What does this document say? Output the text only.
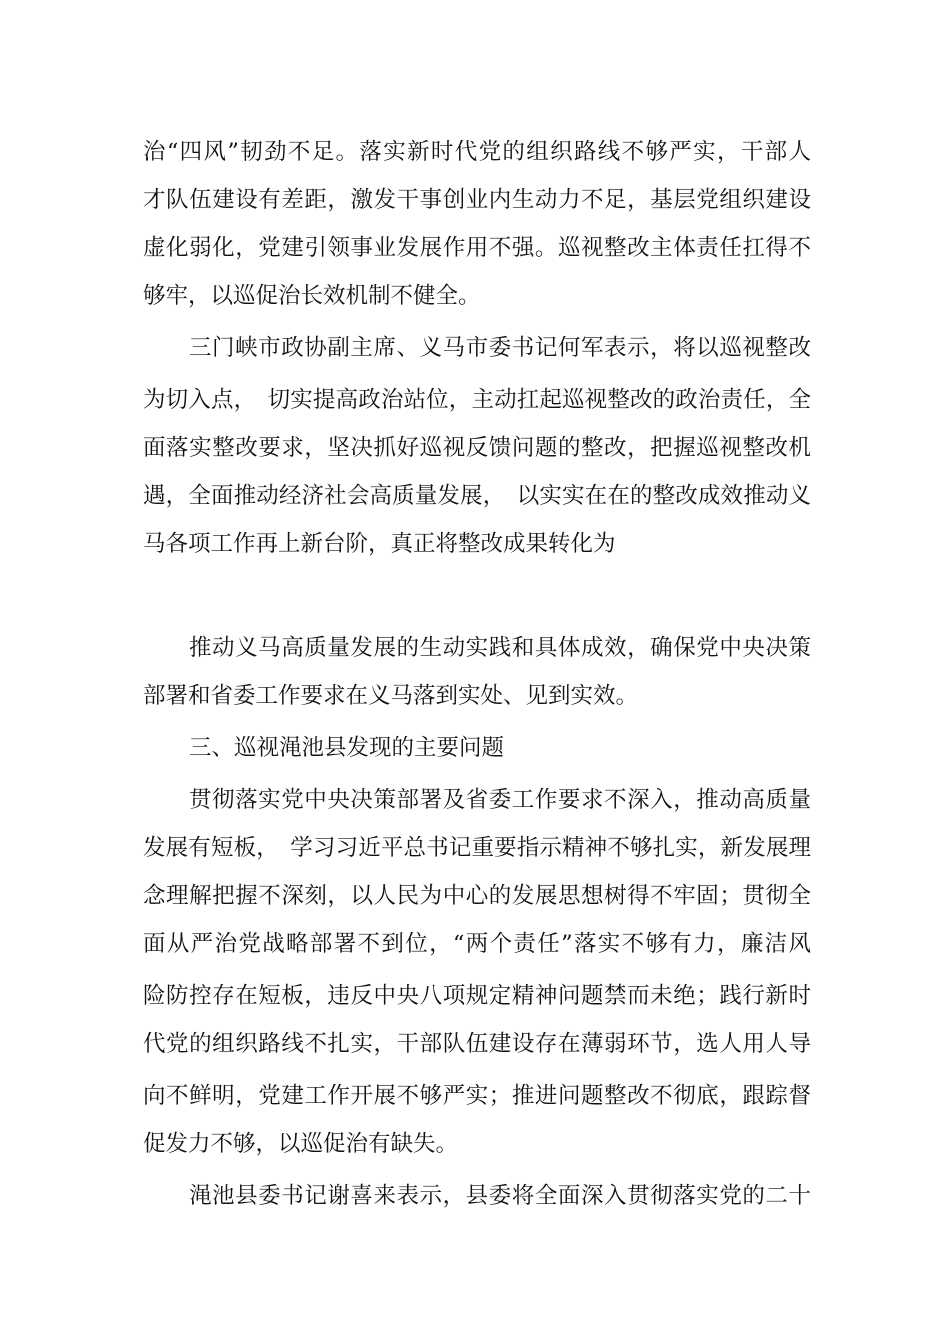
治“四风”韧劲不足。落实新时代党的组织路线不够严实，干部人
才队伍建设有差距，激发干事创业内生动力不足，基层党组织建设
虚化弱化，党建引领事业发展作用不强。巡视整改主体责任扛得不
够牢，以巡促治长效机制不健全。
三门峡市政协副主席、义马市委书记何军表示，将以巡视整改
为切入点，　切实提高政治站位，主动扛起巡视整改的政治责任，全
面落实整改要求，坚决抓好巡视反馈问题的整改，把握巡视整改机
遇，全面推动经济社会高质量发展，　以实实在在的整改成效推动义
马各项工作再上新台阶，真正将整改成果转化为
推动义马高质量发展的生动实践和具体成效，确保党中央决策
部署和省委工作要求在义马落到实处、见到实效。
三、巡视渑池县发现的主要问题
贯彻落实党中央决策部署及省委工作要求不深入，推动高质量
发展有短板，　学习习近平总书记重要指示精神不够扎实，新发展理
念理解把握不深刻，以人民为中心的发展思想树得不牢固；贯彻全
面从严治党战略部署不到位，“两个责任”落实不够有力，廉洁风
险防控存在短板，违反中央八项规定精神问题禁而未绝；践行新时
代党的组织路线不扎实，干部队伍建设存在薄弱环节，选人用人导
向不鲜明，党建工作开展不够严实；推进问题整改不彻底，跟踪督
促发力不够，以巡促治有缺失。
渑池县委书记谢喜来表示，县委将全面深入贯彻落实党的二十
